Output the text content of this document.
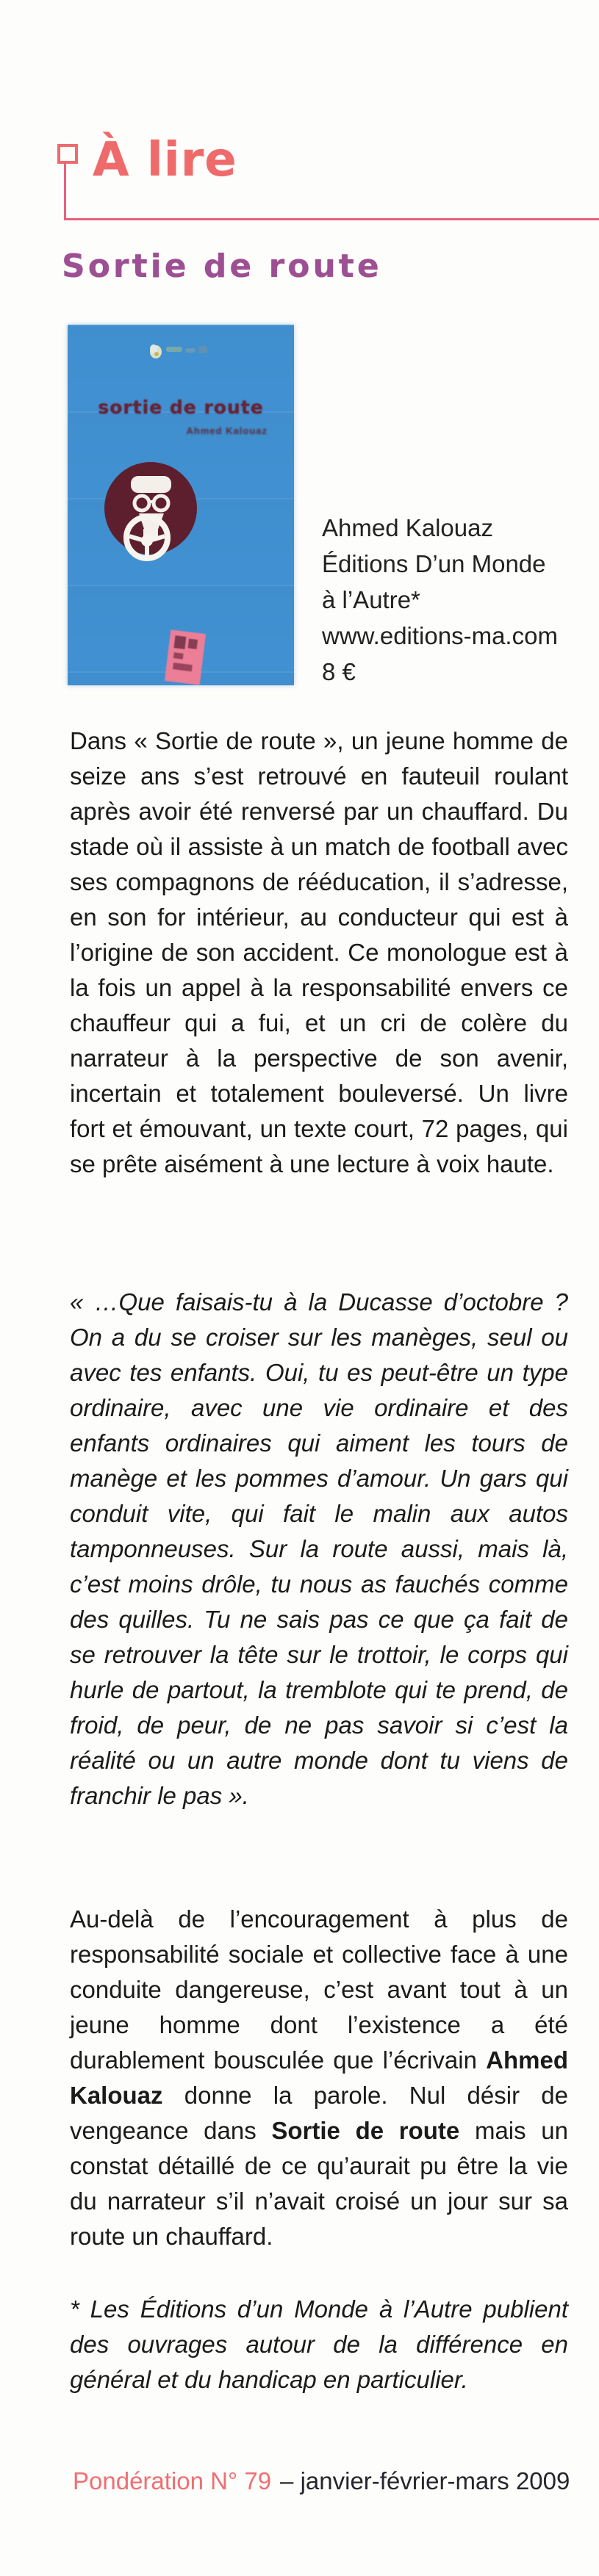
À lire
Sortie de route
sortie de route
Ahmed Kalouaz
Ahmed Kalouaz
Éditions D’un Monde
à l’Autre*
www.editions-ma.com
8 €
Dans « Sortie de route », un jeune homme de seize ans s’est retrouvé en fauteuil roulant après avoir été renversé par un chauffard. Du stade où il assiste à un match de football avec ses compagnons de rééducation, il s’adresse, en son for intérieur, au conducteur qui est à l’origine de son accident. Ce monologue est à la fois un appel à la responsabilité envers ce chauffeur qui a fui, et un cri de colère du narrateur à la perspective de son avenir, incertain et totalement bouleversé. Un livre fort et émouvant, un texte court, 72 pages, qui se prête aisément à une lecture à voix haute.
« …Que faisais-tu à la Ducasse d’octobre ? On a du se croiser sur les manèges, seul ou avec tes enfants. Oui, tu es peut-être un type ordinaire, avec une vie ordinaire et des enfants ordinaires qui aiment les tours de manège et les pommes d’amour. Un gars qui conduit vite, qui fait le malin aux autos tamponneuses. Sur la route aussi, mais là, c’est moins drôle, tu nous as fauchés comme des quilles. Tu ne sais pas ce que ça fait de se retrouver la tête sur le trottoir, le corps qui hurle de partout, la tremblote qui te prend, de froid, de peur, de ne pas savoir si c’est la réalité ou un autre monde dont tu viens de franchir le pas ».
Au-delà de l’encouragement à plus de responsabilité sociale et collective face à une conduite dangereuse, c’est avant tout à un jeune homme dont l’existence a été durablement bousculée que l’écrivain Ahmed Kalouaz donne la parole. Nul désir de vengeance dans Sortie de route mais un constat détaillé de ce qu’aurait pu être la vie du narrateur s’il n’avait croisé un jour sur sa route un chauffard.
* Les Éditions d’un Monde à l’Autre publient des ouvrages autour de la différence en général et du handicap en particulier.
Pondération N° 79 – janvier-février-mars 2009
